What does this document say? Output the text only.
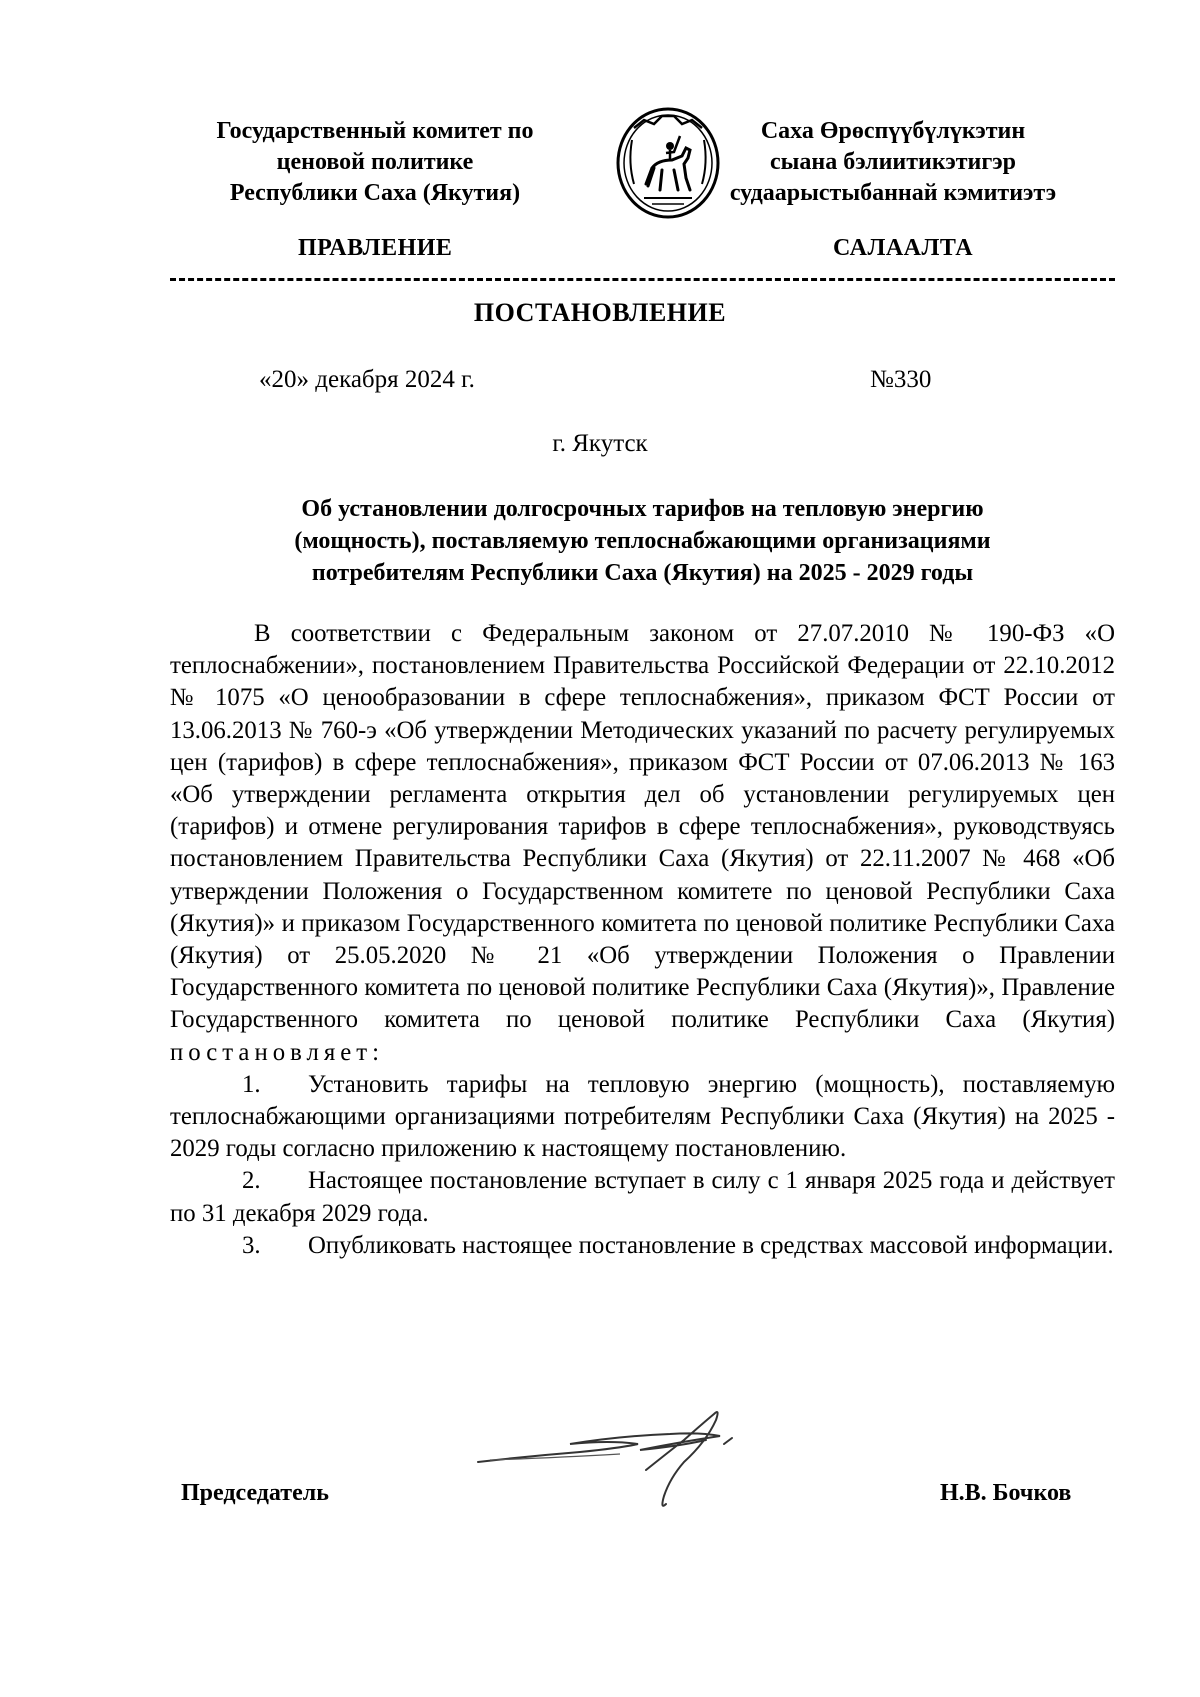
Государственный комитет по
ценовой политике
Республики Саха (Якутия)
Саха Өрөспүүбүлүкэтин
сыана бэлиитикэтигэр
судаарыстыбаннай кэмитиэтэ
ПРАВЛЕНИЕ	САЛААЛТА
ПОСТАНОВЛЕНИЕ
«20» декабря 2024 г.	№330
г. Якутск
Об установлении долгосрочных тарифов на тепловую энергию
(мощность), поставляемую теплоснабжающими организациями
потребителям Республики Саха (Якутия) на 2025 - 2029 годы

В соответствии с Федеральным законом от 27.07.2010 № 190-ФЗ «О теплоснабжении», постановлением Правительства Российской Федерации от 22.10.2012 № 1075 «О ценообразовании в сфере теплоснабжения», приказом ФСТ России от 13.06.2013 № 760-э «Об утверждении Методических указаний по расчету регулируемых цен (тарифов) в сфере теплоснабжения», приказом ФСТ России от 07.06.2013 № 163 «Об утверждении регламента открытия дел об установлении регулируемых цен (тарифов) и отмене регулирования тарифов в сфере теплоснабжения», руководствуясь постановлением Правительства Республики Саха (Якутия) от 22.11.2007 № 468 «Об утверждении Положения о Государственном комитете по ценовой Республики Саха (Якутия)» и приказом Государственного комитета по ценовой политике Республики Саха (Якутия) от 25.05.2020 № 21 «Об утверждении Положения о Правлении Государственного комитета по ценовой политике Республики Саха (Якутия)», Правление Государственного комитета по ценовой политике Республики Саха (Якутия) постановляет:

1. Установить тарифы на тепловую энергию (мощность), поставляемую теплоснабжающими организациями потребителям Республики Саха (Якутия) на 2025 - 2029 годы согласно приложению к настоящему постановлению.

2. Настоящее постановление вступает в силу с 1 января 2025 года и действует по 31 декабря 2029 года.

3. Опубликовать настоящее постановление в средствах массовой информации.

Председатель	Н.В. Бочков
